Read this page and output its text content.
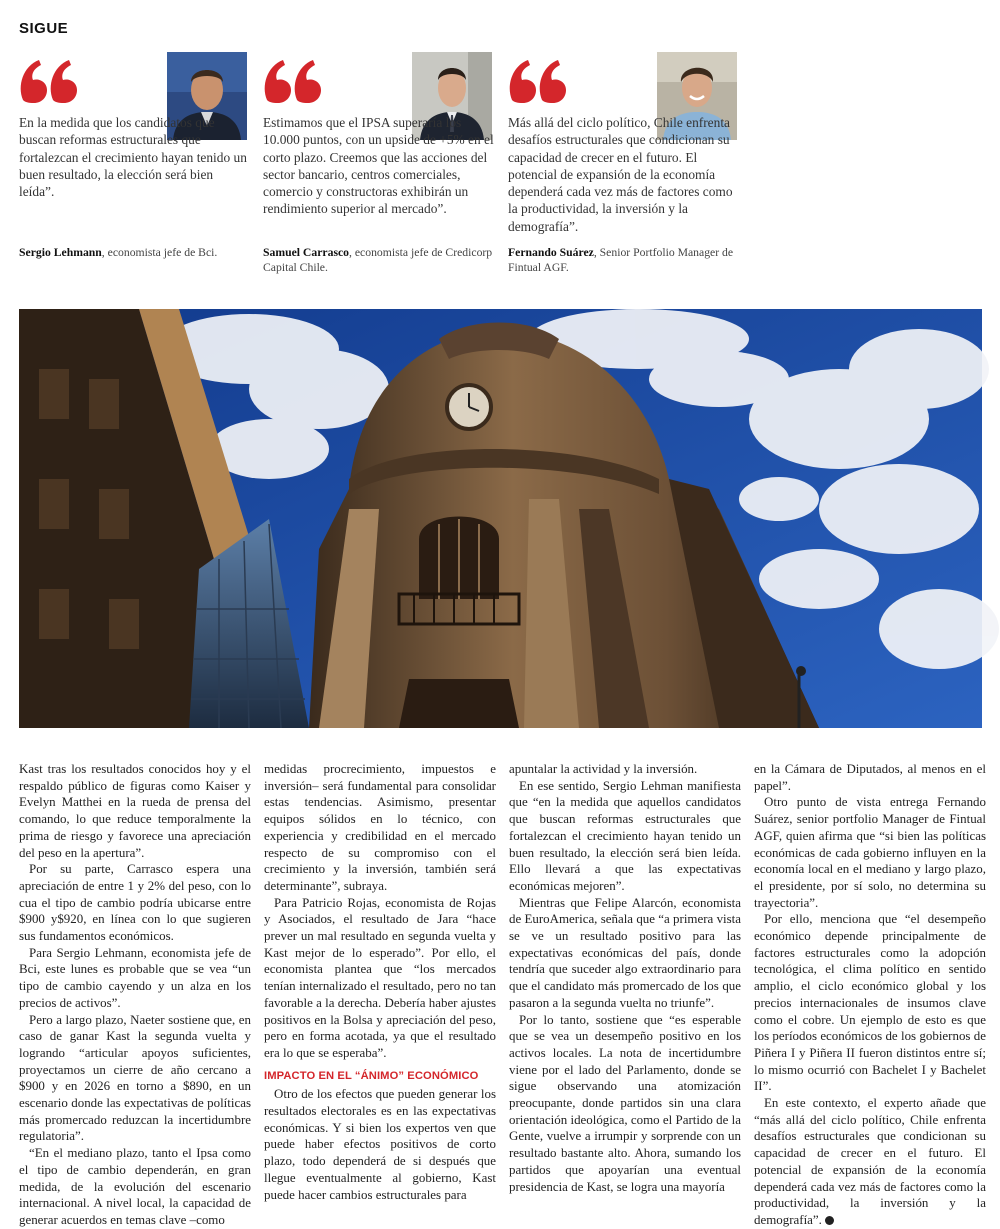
SIGUE
En la medida que los candidatos que buscan reformas estructurales que fortalezcan el crecimiento hayan tenido un buen resultado, la elección será bien leída”.
Sergio Lehmann, economista jefe de Bci.
Estimamos que el IPSA superaría los 10.000 puntos, con un upside de +5% en el corto plazo. Creemos que las acciones del sector bancario, centros comerciales, comercio y constructoras exhibirán un rendimiento superior al mercado”.
Samuel Carrasco, economista jefe de Credicorp Capital Chile.
Más allá del ciclo político, Chile enfrenta desafíos estructurales que condicionan su capacidad de crecer en el futuro. El potencial de expansión de la economía dependerá cada vez más de factores como la productividad, la inversión y la demografía”.
Fernando Suárez, Senior Portfolio Manager de Fintual AGF.

Kast tras los resultados conocidos hoy y el respaldo público de figuras como Kaiser y Evelyn Matthei en la rueda de prensa del comando, lo que reduce temporalmente la prima de riesgo y favorece una apreciación del peso en la apertura”.

Por su parte, Carrasco espera una apreciación de entre 1 y 2% del peso, con lo cua el tipo de cambio podría ubicarse entre $900 y$920, en línea con lo que sugieren sus fundamentos económicos.

Para Sergio Lehmann, economista jefe de Bci, este lunes es probable que se vea “un tipo de cambio cayendo y un alza en los precios de activos”.

Pero a largo plazo, Naeter sostiene que, en caso de ganar Kast la segunda vuelta y lograndо “articular apoyos suficientes, proyectamos un cierre de año cercano a $900 y en 2026 en torno a $890, en un escenario donde las expectativas de políticas más promercado reduzcan la incertidumbre regulatoria”.

“En el mediano plazo, tanto el Ipsa como el tipo de cambio dependerán, en gran medida, de la evolución del escenario internacional. A nivel local, la capacidad de generar acuerdos en temas clave –como

medidas procrecimiento, impuestos e inversión– será fundamental para consolidar estas tendencias. Asimismo, presentar equipos sólidos en lo técnico, con experiencia y credibilidad en el mercado respecto de su compromiso con el crecimiento y la inversión, también será determinante”, subraya.

Para Patricio Rojas, economista de Rojas y Asociados, el resultado de Jara “hace prever un mal resultado en segunda vuelta y Kast mejor de lo esperado”. Por ello, el economista plantea que “los mercados tenían internalizado el resultado, pero no tan favorable a la derecha. Debería haber ajustes positivos en la Bolsa y apreciación del peso, pero en forma acotada, ya que el resultado era lo que se esperaba”.

IMPACTO EN EL “ÁNIMO” ECONÓMICO

Otro de los efectos que pueden generar los resultados electorales es en las expectativas económicas. Y si bien los expertos ven que puede haber efectos positivos de corto plazo, todo dependerá de si después que llegue eventualmente al gobierno, Kast puede hacer cambios estructurales para

apuntalar la actividad y la inversión.

En ese sentido, Sergio Lehman manifiesta que “en la medida que aquellos candidatos que buscan reformas estructurales que fortalezcan el crecimiento hayan tenido un buen resultado, la elección será bien leída. Ello llevará a que las expectativas económicas mejoren”.

Mientras que Felipe Alarcón, economista de EuroAmerica, señala que “a primera vista se ve un resultado positivo para las expectativas económicas del país, donde tendría que suceder algo extraordinario para que el candidato más promercado de los que pasaron a la segunda vuelta no triunfe”.

Por lo tanto, sostiene que “es esperable que se vea un desempeño positivo en los activos locales. La nota de incertidumbre viene por el lado del Parlamento, donde se sigue observando una atomización preocupante, donde partidos sin una clara orientación ideológica, como el Partido de la Gente, vuelve a irrumpir y sorprende con un resultado bastante alto. Ahora, sumando los partidos que apoyarían una eventual presidencia de Kast, se logra una mayoría

en la Cámara de Diputados, al menos en el papel”.

Otro punto de vista entrega Fernando Suárez, senior portfolio Manager de Fintual AGF, quien afirma que “si bien las políticas económicas de cada gobierno influyen en la economía local en el mediano y largo plazo, el presidente, por sí solo, no determina su trayectoria”.

Por ello, menciona que “el desempeño económico depende principalmente de factores estructurales como la adopción tecnológica, el clima político en sentido amplio, el ciclo económico global y los precios internacionales de insumos clave como el cobre. Un ejemplo de esto es que los períodos económicos de los gobiernos de Piñera I y Piñera II fueron distintos entre sí; lo mismo ocurrió con Bachelet I y Bachelet II”.

En este contexto, el experto añade que “más allá del ciclo político, Chile enfrenta desafíos estructurales que condicionan su capacidad de crecer en el futuro. El potencial de expansión de la economía dependerá cada vez más de factores como la productividad, la inversión y la demografía”.
